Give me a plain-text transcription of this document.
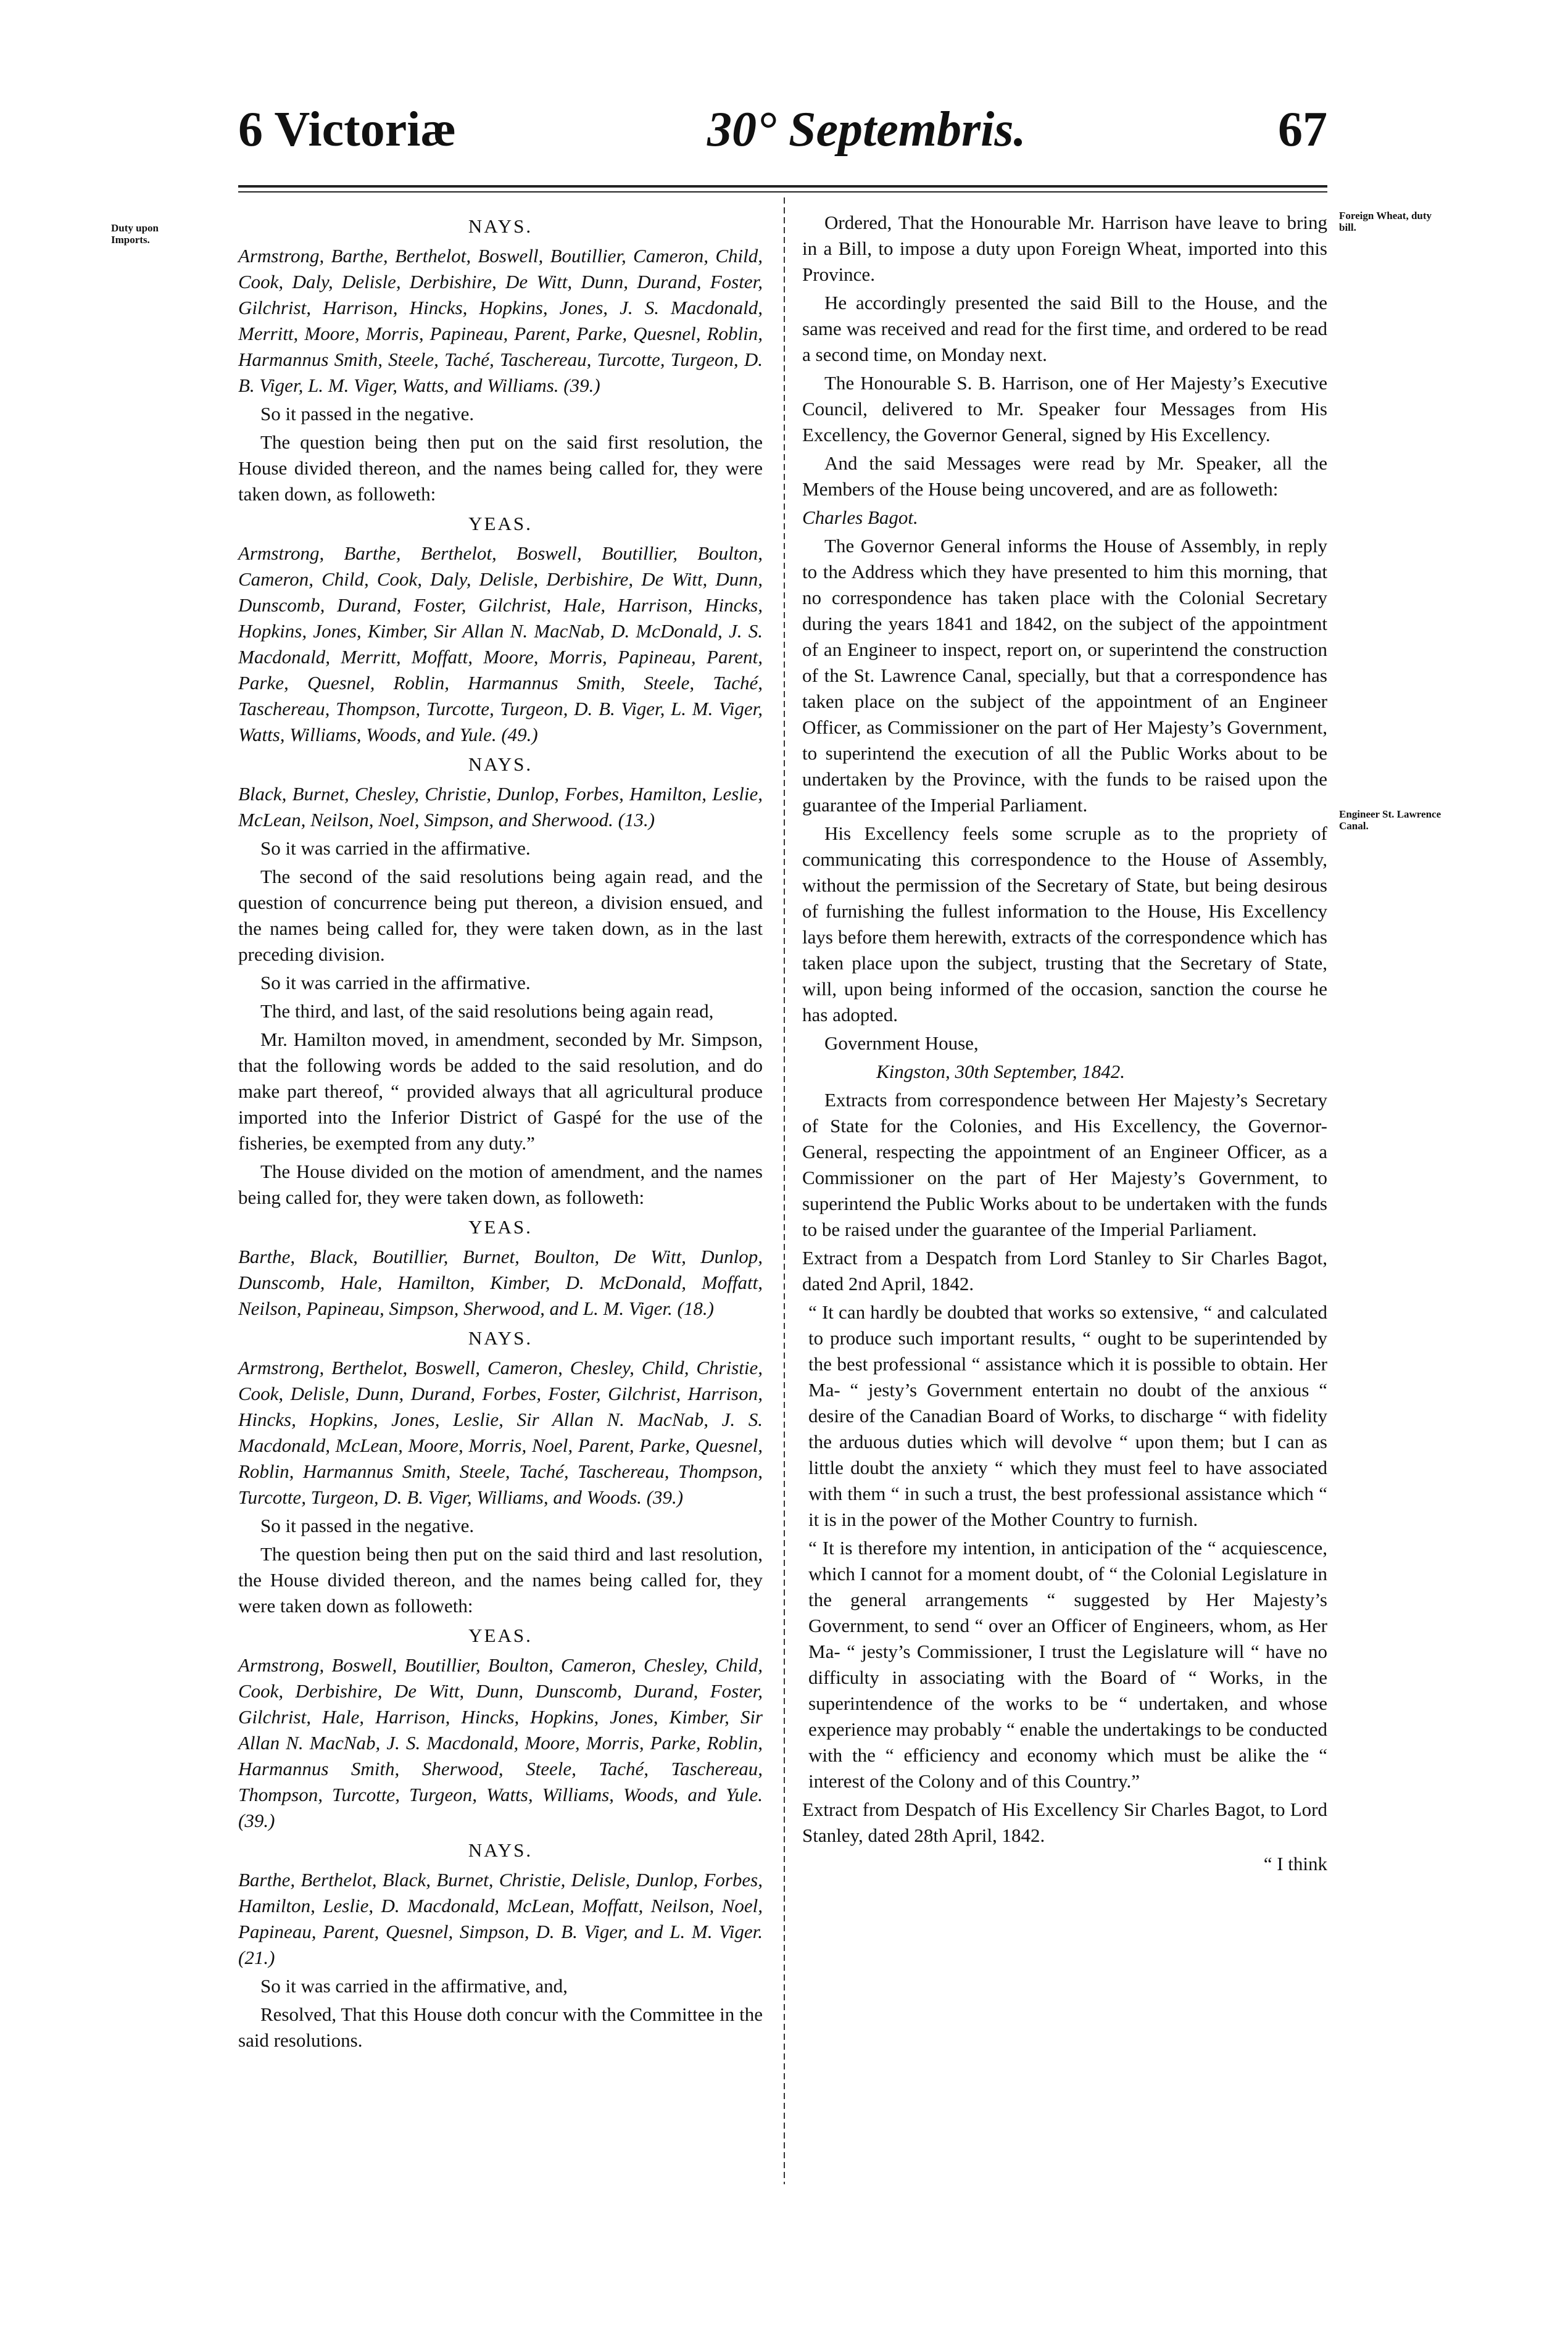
6 Victoriæ	30° Septembris.	67
Duty upon Imports.
Foreign Wheat, duty bill.
Engineer St. Lawrence Canal.

NAYS.

Armstrong, Barthe, Berthelot, Boswell, Boutillier, Cameron, Child, Cook, Daly, Delisle, Derbishire, De Witt, Dunn, Durand, Foster, Gilchrist, Harrison, Hincks, Hopkins, Jones, J. S. Macdonald, Merritt, Moore, Morris, Papineau, Parent, Parke, Quesnel, Roblin, Harmannus Smith, Steele, Taché, Taschereau, Turcotte, Turgeon, D. B. Viger, L. M. Viger, Watts, and Williams. (39.)

So it passed in the negative.

The question being then put on the said first resolution, the House divided thereon, and the names being called for, they were taken down, as followeth:

YEAS.

Armstrong, Barthe, Berthelot, Boswell, Boutillier, Boulton, Cameron, Child, Cook, Daly, Delisle, Derbishire, De Witt, Dunn, Dunscomb, Durand, Foster, Gilchrist, Hale, Harrison, Hincks, Hopkins, Jones, Kimber, Sir Allan N. MacNab, D. McDonald, J. S. Macdonald, Merritt, Moffatt, Moore, Morris, Papineau, Parent, Parke, Quesnel, Roblin, Harmannus Smith, Steele, Taché, Taschereau, Thompson, Turcotte, Turgeon, D. B. Viger, L. M. Viger, Watts, Williams, Woods, and Yule. (49.)

NAYS.

Black, Burnet, Chesley, Christie, Dunlop, Forbes, Hamilton, Leslie, McLean, Neilson, Noel, Simpson, and Sherwood. (13.)

So it was carried in the affirmative.

The second of the said resolutions being again read, and the question of concurrence being put thereon, a division ensued, and the names being called for, they were taken down, as in the last preceding division.

So it was carried in the affirmative.

The third, and last, of the said resolutions being again read,

Mr. Hamilton moved, in amendment, seconded by Mr. Simpson, that the following words be added to the said resolution, and do make part thereof, “ provided always that all agricultural produce imported into the Inferior District of Gaspé for the use of the fisheries, be exempted from any duty.”

The House divided on the motion of amendment, and the names being called for, they were taken down, as followeth:

YEAS.

Barthe, Black, Boutillier, Burnet, Boulton, De Witt, Dunlop, Dunscomb, Hale, Hamilton, Kimber, D. McDonald, Moffatt, Neilson, Papineau, Simpson, Sherwood, and L. M. Viger. (18.)

NAYS.

Armstrong, Berthelot, Boswell, Cameron, Chesley, Child, Christie, Cook, Delisle, Dunn, Durand, Forbes, Foster, Gilchrist, Harrison, Hincks, Hopkins, Jones, Leslie, Sir Allan N. MacNab, J. S. Macdonald, McLean, Moore, Morris, Noel, Parent, Parke, Quesnel, Roblin, Harmannus Smith, Steele, Taché, Taschereau, Thompson, Turcotte, Turgeon, D. B. Viger, Williams, and Woods. (39.)

So it passed in the negative.

The question being then put on the said third and last resolution, the House divided thereon, and the names being called for, they were taken down as followeth:

YEAS.

Armstrong, Boswell, Boutillier, Boulton, Cameron, Chesley, Child, Cook, Derbishire, De Witt, Dunn, Dunscomb, Durand, Foster, Gilchrist, Hale, Harrison, Hincks, Hopkins, Jones, Kimber, Sir Allan N. MacNab, J. S. Macdonald, Moore, Morris, Parke, Roblin, Harmannus Smith, Sherwood, Steele, Taché, Taschereau, Thompson, Turcotte, Turgeon, Watts, Williams, Woods, and Yule. (39.)

NAYS.

Barthe, Berthelot, Black, Burnet, Christie, Delisle, Dunlop, Forbes, Hamilton, Leslie, D. Macdonald, McLean, Moffatt, Neilson, Noel, Papineau, Parent, Quesnel, Simpson, D. B. Viger, and L. M. Viger. (21.)

So it was carried in the affirmative, and,

Resolved, That this House doth concur with the Committee in the said resolutions.

Ordered, That the Honourable Mr. Harrison have leave to bring in a Bill, to impose a duty upon Foreign Wheat, imported into this Province.

He accordingly presented the said Bill to the House, and the same was received and read for the first time, and ordered to be read a second time, on Monday next.

The Honourable S. B. Harrison, one of Her Majesty’s Executive Council, delivered to Mr. Speaker four Messages from His Excellency, the Governor General, signed by His Excellency.

And the said Messages were read by Mr. Speaker, all the Members of the House being uncovered, and are as followeth:

Charles Bagot.

The Governor General informs the House of Assembly, in reply to the Address which they have presented to him this morning, that no correspondence has taken place with the Colonial Secretary during the years 1841 and 1842, on the subject of the appointment of an Engineer to inspect, report on, or superintend the construction of the St. Lawrence Canal, specially, but that a correspondence has taken place on the subject of the appointment of an Engineer Officer, as Commissioner on the part of Her Majesty’s Government, to superintend the execution of all the Public Works about to be undertaken by the Province, with the funds to be raised upon the guarantee of the Imperial Parliament.

His Excellency feels some scruple as to the propriety of communicating this correspondence to the House of Assembly, without the permission of the Secretary of State, but being desirous of furnishing the fullest information to the House, His Excellency lays before them herewith, extracts of the correspondence which has taken place upon the subject, trusting that the Secretary of State, will, upon being informed of the occasion, sanction the course he has adopted.

Government House,

Kingston, 30th September, 1842.

Extracts from correspondence between Her Majesty’s Secretary of State for the Colonies, and His Excellency, the Governor-General, respecting the appointment of an Engineer Officer, as a Commissioner on the part of Her Majesty’s Government, to superintend the Public Works about to be undertaken with the funds to be raised under the guarantee of the Imperial Parliament.

Extract from a Despatch from Lord Stanley to Sir Charles Bagot, dated 2nd April, 1842.

“ It can hardly be doubted that works so extensive, “ and calculated to produce such important results, “ ought to be superintended by the best professional “ assistance which it is possible to obtain. Her Ma- “ jesty’s Government entertain no doubt of the anxious “ desire of the Canadian Board of Works, to discharge “ with fidelity the arduous duties which will devolve “ upon them; but I can as little doubt the anxiety “ which they must feel to have associated with them “ in such a trust, the best professional assistance which “ it is in the power of the Mother Country to furnish.

“ It is therefore my intention, in anticipation of the “ acquiescence, which I cannot for a moment doubt, of “ the Colonial Legislature in the general arrangements “ suggested by Her Majesty’s Government, to send “ over an Officer of Engineers, whom, as Her Ma- “ jesty’s Commissioner, I trust the Legislature will “ have no difficulty in associating with the Board of “ Works, in the superintendence of the works to be “ undertaken, and whose experience may probably “ enable the undertakings to be conducted with the “ efficiency and economy which must be alike the “ interest of the Colony and of this Country.”

Extract from Despatch of His Excellency Sir Charles Bagot, to Lord Stanley, dated 28th April, 1842.

“ I think
